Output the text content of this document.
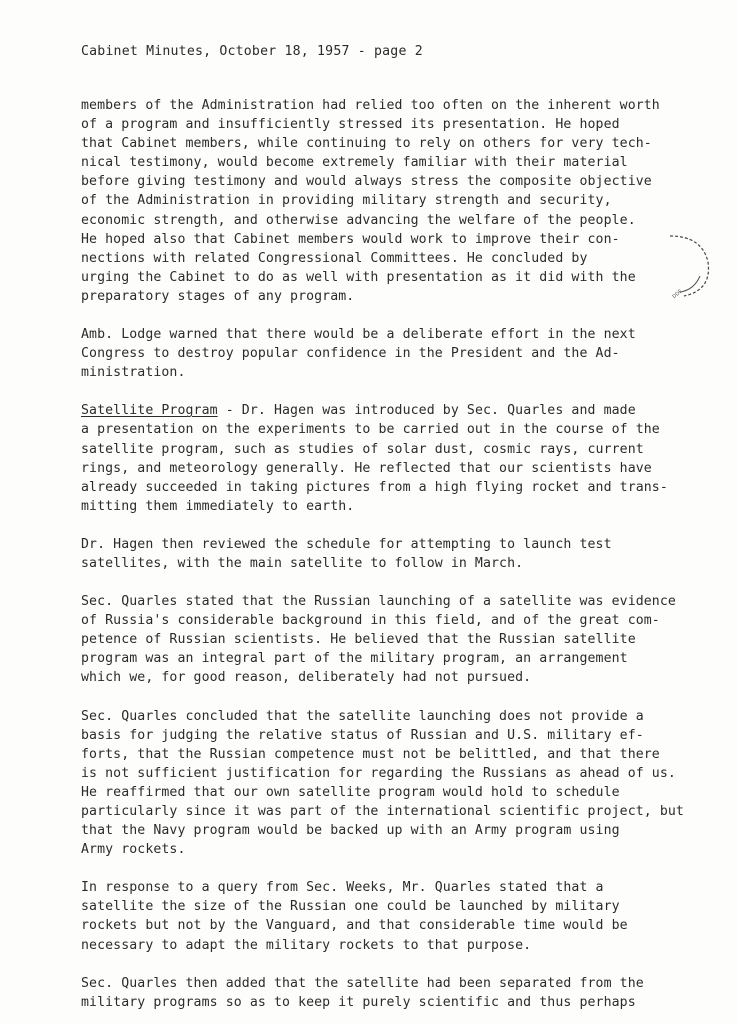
Cabinet Minutes, October 18, 1957 - page 2
members of the Administration had relied too often on the inherent worth
of a program and insufficiently stressed its presentation. He hoped
that Cabinet members, while continuing to rely on others for very tech-
nical testimony, would become extremely familiar with their material
before giving testimony and would always stress the composite objective
of the Administration in providing military strength and security,
economic strength, and otherwise advancing the welfare of the people.
He hoped also that Cabinet members would work to improve their con-
nections with related Congressional Committees. He concluded by
urging the Cabinet to do as well with presentation as it did with the
preparatory stages of any program.
Amb. Lodge warned that there would be a deliberate effort in the next
Congress to destroy popular confidence in the President and the Ad-
ministration.
Satellite Program - Dr. Hagen was introduced by Sec. Quarles and made
a presentation on the experiments to be carried out in the course of the
satellite program, such as studies of solar dust, cosmic rays, current
rings, and meteorology generally. He reflected that our scientists have
already succeeded in taking pictures from a high flying rocket and trans-
mitting them immediately to earth.
Dr. Hagen then reviewed the schedule for attempting to launch test
satellites, with the main satellite to follow in March.
Sec. Quarles stated that the Russian launching of a satellite was evidence
of Russia's considerable background in this field, and of the great com-
petence of Russian scientists. He believed that the Russian satellite
program was an integral part of the military program, an arrangement
which we, for good reason, deliberately had not pursued.
Sec. Quarles concluded that the satellite launching does not provide a
basis for judging the relative status of Russian and U.S. military ef-
forts, that the Russian competence must not be belittled, and that there
is not sufficient justification for regarding the Russians as ahead of us.
He reaffirmed that our own satellite program would hold to schedule
particularly since it was part of the international scientific project, but
that the Navy program would be backed up with an Army program using
Army rockets.
In response to a query from Sec. Weeks, Mr. Quarles stated that a
satellite the size of the Russian one could be launched by military
rockets but not by the Vanguard, and that considerable time would be
necessary to adapt the military rockets to that purpose.
Sec. Quarles then added that the satellite had been separated from the
military programs so as to keep it purely scientific and thus perhaps
DDE
